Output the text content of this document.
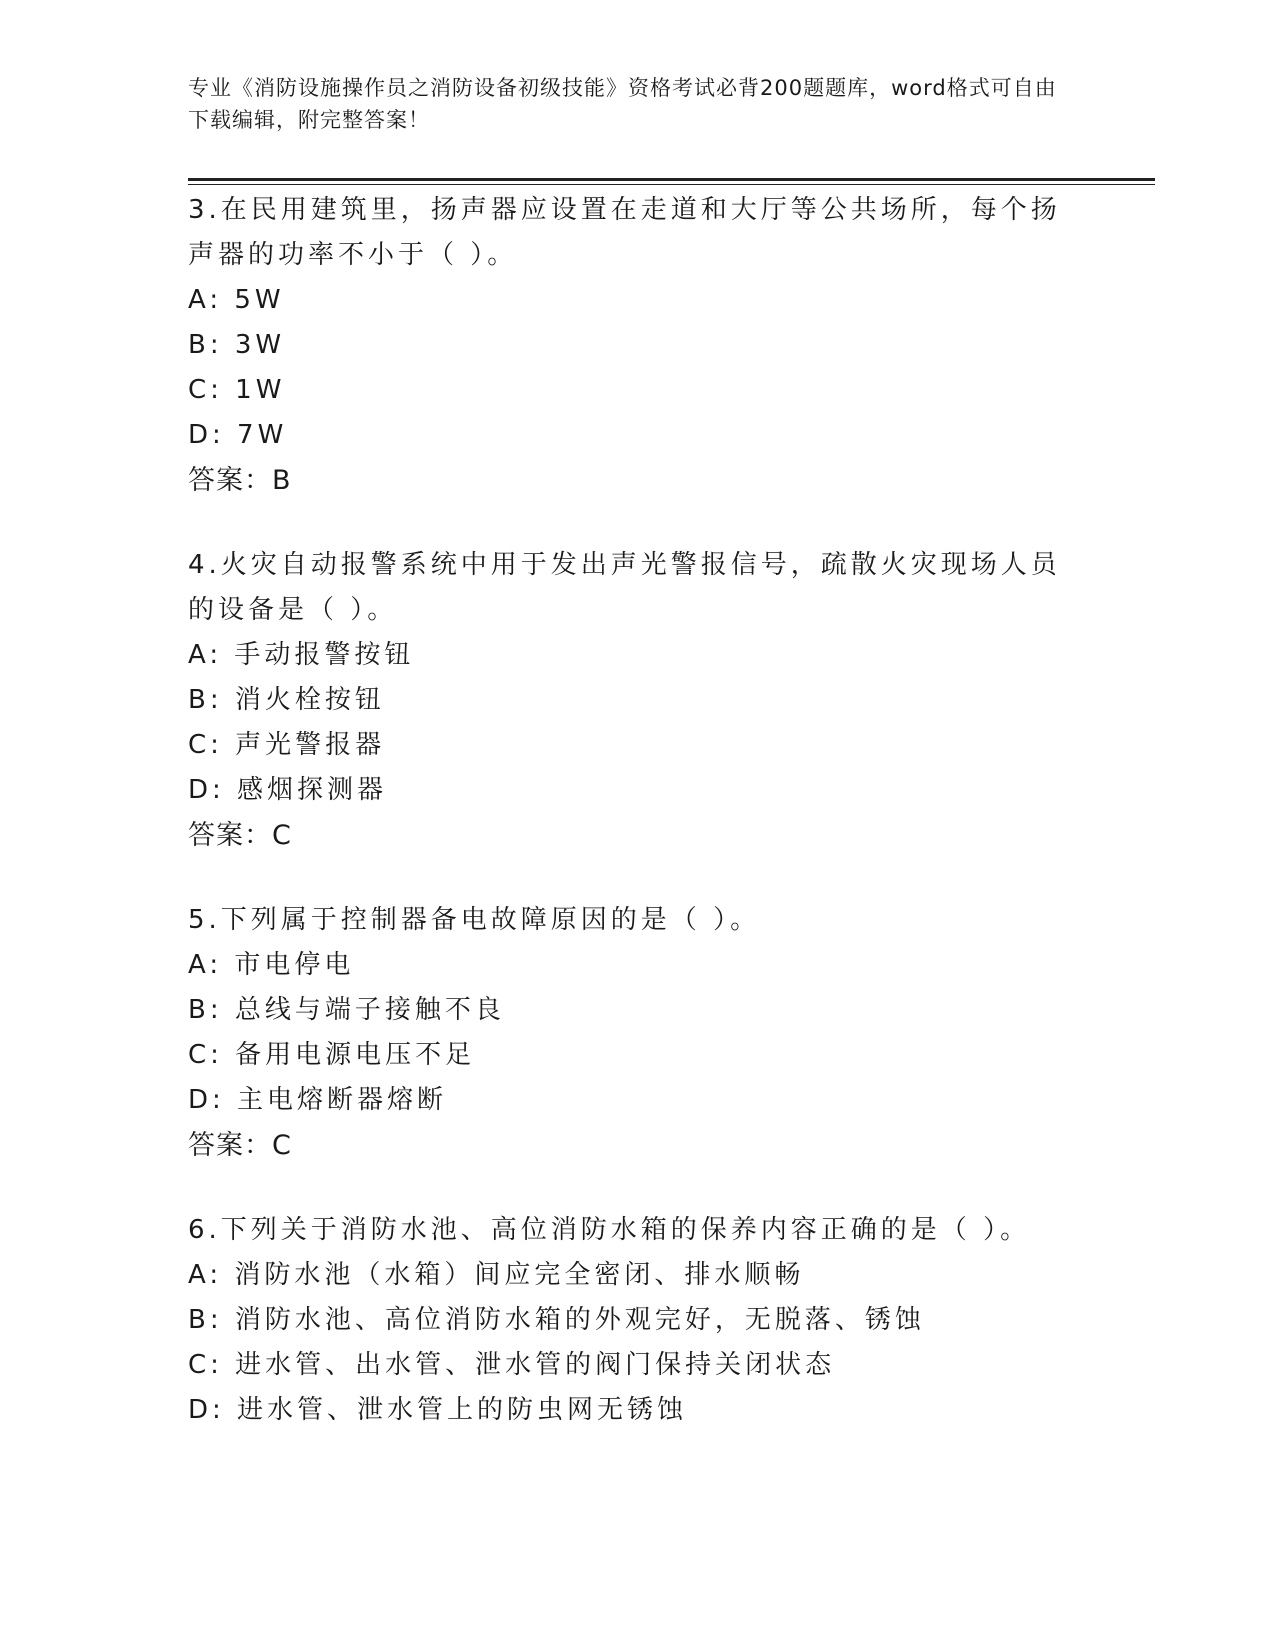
专业《消防设施操作员之消防设备初级技能》资格考试必背200题题库，word格式可自由下载编辑，附完整答案！
3.在民用建筑里，扬声器应设置在走道和大厅等公共场所，每个扬声器的功率不小于（ ）。
A: 5W
B: 3W
C: 1W
D: 7W
答案：B
4.火灾自动报警系统中用于发出声光警报信号，疏散火灾现场人员的设备是（ ）。
A: 手动报警按钮
B: 消火栓按钮
C: 声光警报器
D: 感烟探测器
答案：C
5.下列属于控制器备电故障原因的是（ ）。
A: 市电停电
B: 总线与端子接触不良
C: 备用电源电压不足
D: 主电熔断器熔断
答案：C
6.下列关于消防水池、高位消防水箱的保养内容正确的是（ ）。
A: 消防水池（水箱）间应完全密闭、排水顺畅
B: 消防水池、高位消防水箱的外观完好，无脱落、锈蚀
C: 进水管、出水管、泄水管的阀门保持关闭状态
D: 进水管、泄水管上的防虫网无锈蚀
